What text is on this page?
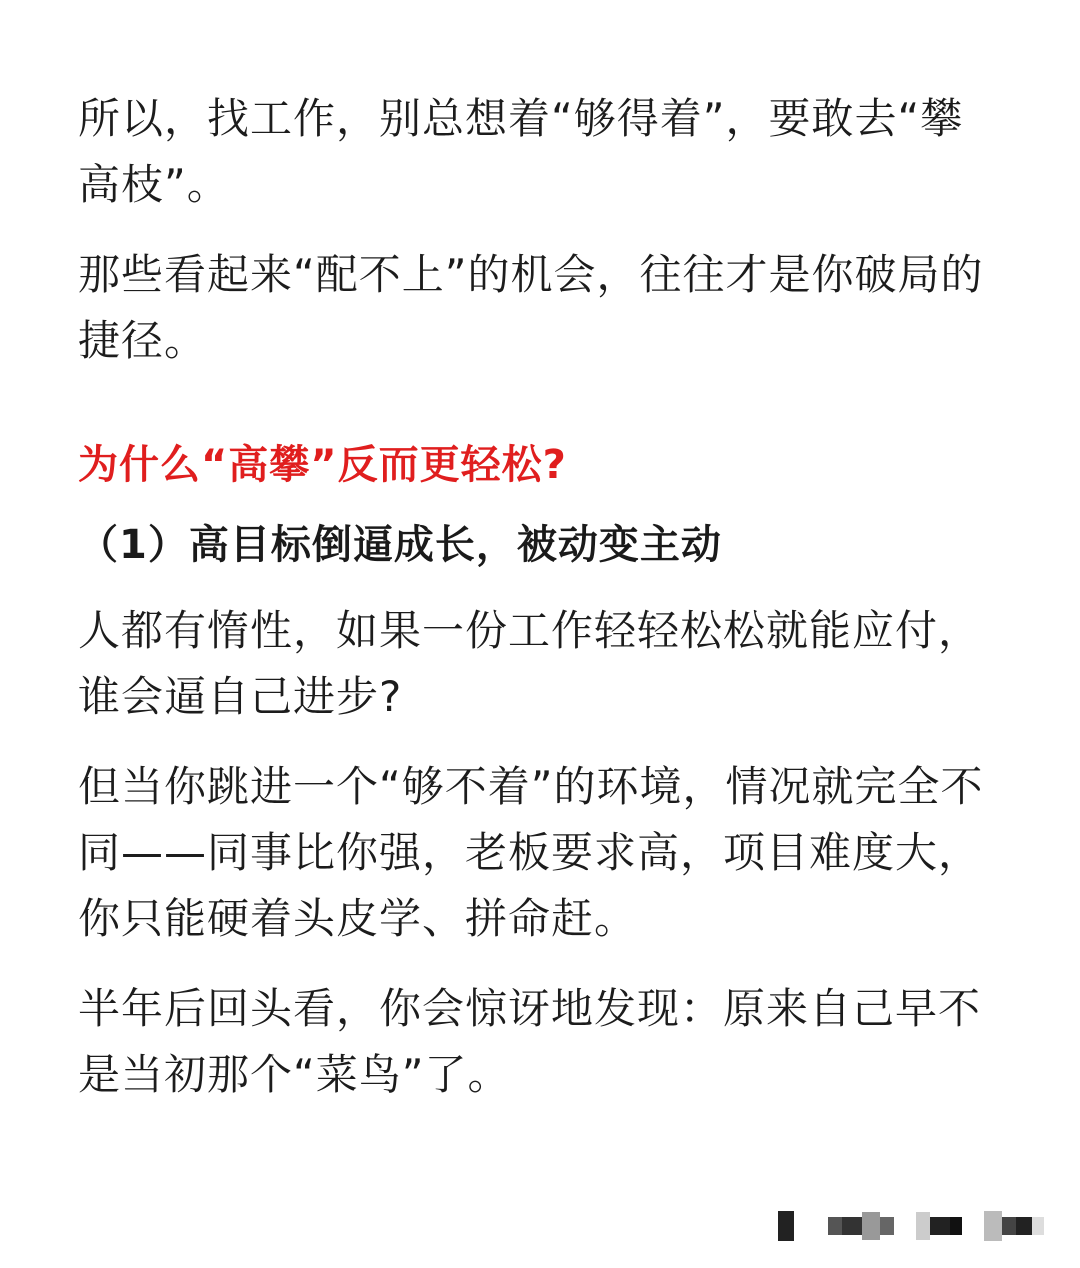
所以，找工作，别总想着“够得着”，要敢去“攀高枝”。

那些看起来“配不上”的机会，往往才是你破局的捷径。

为什么“高攀”反而更轻松?
（1）高目标倒逼成长，被动变主动

人都有惰性，如果一份工作轻轻松松就能应付，谁会逼自己进步?

但当你跳进一个“够不着”的环境，情况就完全不同——同事比你强，老板要求高，项目难度大，你只能硬着头皮学、拼命赶。

半年后回头看，你会惊讶地发现：原来自己早不是当初那个“菜鸟”了。
